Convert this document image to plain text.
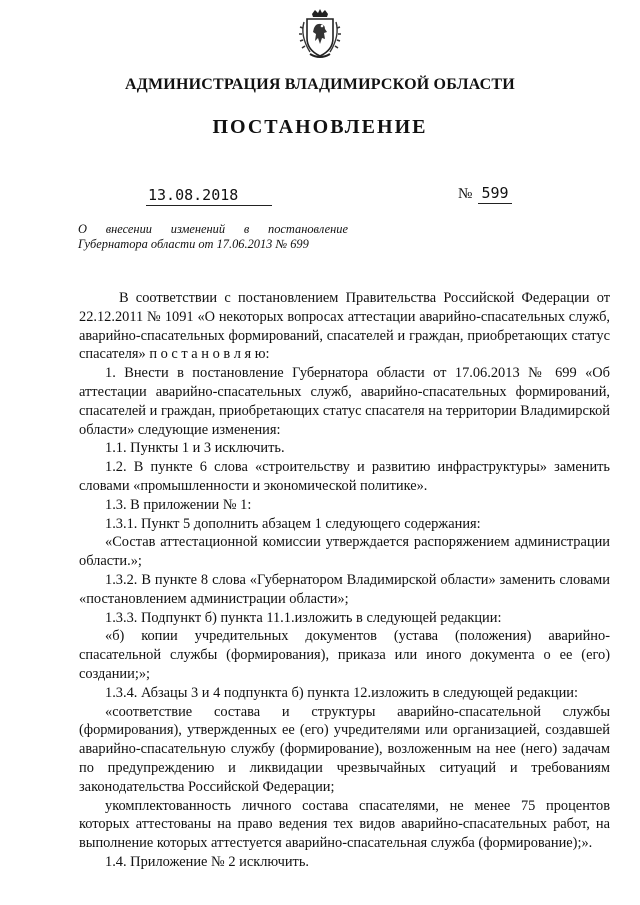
АДМИНИСТРАЦИЯ ВЛАДИМИРСКОЙ ОБЛАСТИ
ПОСТАНОВЛЕНИЕ
13.08.2018	№ 599
О внесении изменений в постановление
Губернатора области от 17.06.2013 № 699

В соответствии с постановлением Правительства Российской Федерации от 22.12.2011 № 1091 «О некоторых вопросах аттестации аварийно-спасательных служб, аварийно-спасательных формирований, спасателей и граждан, приобретающих статус спасателя» п о с т а н о в л я ю:

1. Внести в постановление Губернатора области от 17.06.2013 № 699 «Об аттестации аварийно-спасательных служб, аварийно-спасательных формирований, спасателей и граждан, приобретающих статус спасателя на территории Владимирской области» следующие изменения:

1.1. Пункты 1 и 3 исключить.

1.2. В пункте 6 слова «строительству и развитию инфраструктуры» заменить словами «промышленности и экономической политике».

1.3. В приложении № 1:

1.3.1. Пункт 5 дополнить абзацем 1 следующего содержания:

«Состав аттестационной комиссии утверждается распоряжением администрации области.»;

1.3.2. В пункте 8 слова «Губернатором Владимирской области» заменить словами «постановлением администрации области»;

1.3.3. Подпункт б) пункта 11.1.изложить в следующей редакции:

«б) копии учредительных документов (устава (положения) аварийно-спасательной службы (формирования), приказа или иного документа о ее (его) создании;»;

1.3.4. Абзацы 3 и 4 подпункта б) пункта 12.изложить в следующей редакции:

«соответствие состава и структуры аварийно-спасательной службы (формирования), утвержденных ее (его) учредителями или организацией, создавшей аварийно-спасательную службу (формирование), возложенным на нее (него) задачам по предупреждению и ликвидации чрезвычайных ситуаций и требованиям законодательства Российской Федерации;

укомплектованность личного состава спасателями, не менее 75 процентов которых аттестованы на право ведения тех видов аварийно-спасательных работ, на выполнение которых аттестуется аварийно-спасательная служба (формирование);».

1.4. Приложение № 2 исключить.
